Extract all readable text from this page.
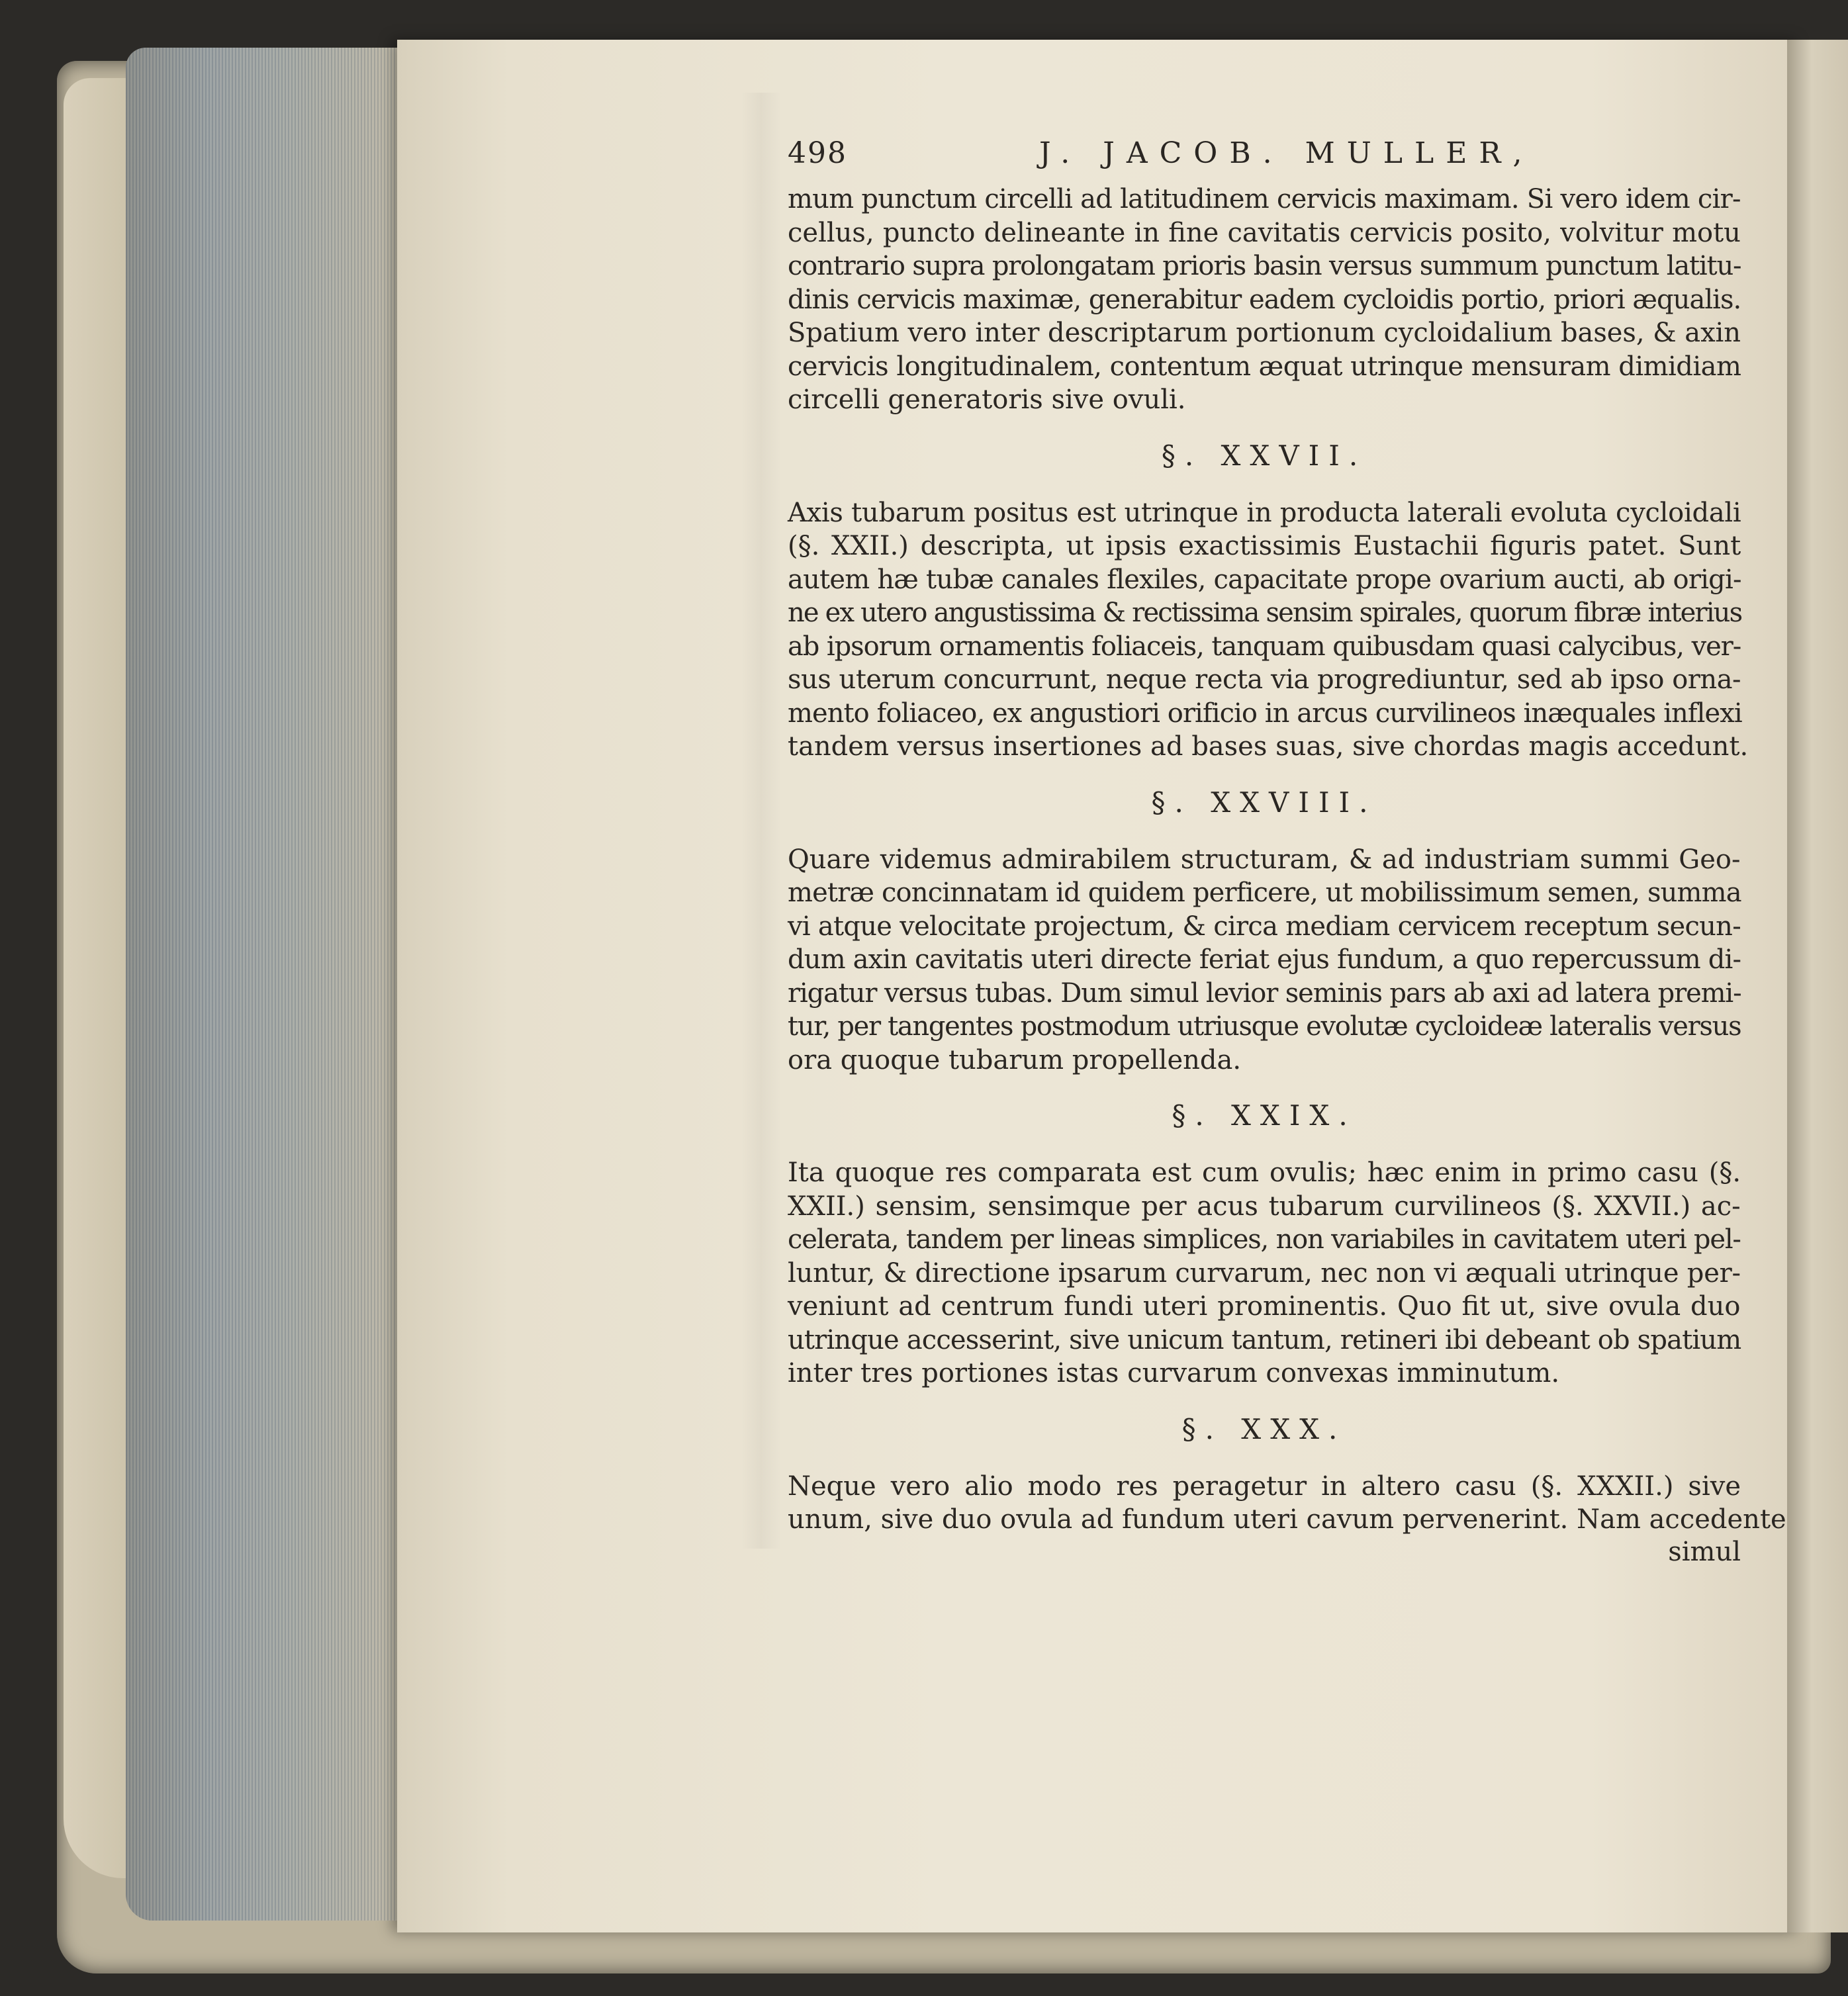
498	J. JACOB. MULLER,

mum punctum circelli ad latitudinem cervicis maximam. Si vero idem cir-
cellus, puncto delineante in fine cavitatis cervicis posito, volvitur motu
contrario supra prolongatam prioris basin versus summum punctum latitu-
dinis cervicis maximæ, generabitur eadem cycloidis portio, priori æqualis.
Spatium vero inter descriptarum portionum cycloidalium bases, & axin
cervicis longitudinalem, contentum æquat utrinque mensuram dimidiam
circelli generatoris sive ovuli.

§. XXVII.

Axis tubarum positus est utrinque in producta laterali evoluta cycloidali
(§. XXII.) descripta, ut ipsis exactissimis Eustachii figuris patet. Sunt
autem hæ tubæ canales flexiles, capacitate prope ovarium aucti, ab origi-
ne ex utero angustissima & rectissima sensim spirales, quorum fibræ interius
ab ipsorum ornamentis foliaceis, tanquam quibusdam quasi calycibus, ver-
sus uterum concurrunt, neque recta via progrediuntur, sed ab ipso orna-
mento foliaceo, ex angustiori orificio in arcus curvilineos inæquales inflexi
tandem versus insertiones ad bases suas, sive chordas magis accedunt.

§. XXVIII.

Quare videmus admirabilem structuram, & ad industriam summi Geo-
metræ concinnatam id quidem perficere, ut mobilissimum semen, summa
vi atque velocitate projectum, & circa mediam cervicem receptum secun-
dum axin cavitatis uteri directe feriat ejus fundum, a quo repercussum di-
rigatur versus tubas. Dum simul levior seminis pars ab axi ad latera premi-
tur, per tangentes postmodum utriusque evolutæ cycloideæ lateralis versus
ora quoque tubarum propellenda.

§. XXIX.

Ita quoque res comparata est cum ovulis; hæc enim in primo casu (§.
XXII.) sensim, sensimque per acus tubarum curvilineos (§. XXVII.) ac-
celerata, tandem per lineas simplices, non variabiles in cavitatem uteri pel-
luntur, & directione ipsarum curvarum, nec non vi æquali utrinque per-
veniunt ad centrum fundi uteri prominentis. Quo fit ut, sive ovula duo
utrinque accesserint, sive unicum tantum, retineri ibi debeant ob spatium
inter tres portiones istas curvarum convexas imminutum.

§. XXX.

Neque vero alio modo res peragetur in altero casu (§. XXXII.) sive
unum, sive duo ovula ad fundum uteri cavum pervenerint. Nam accedente

simul
